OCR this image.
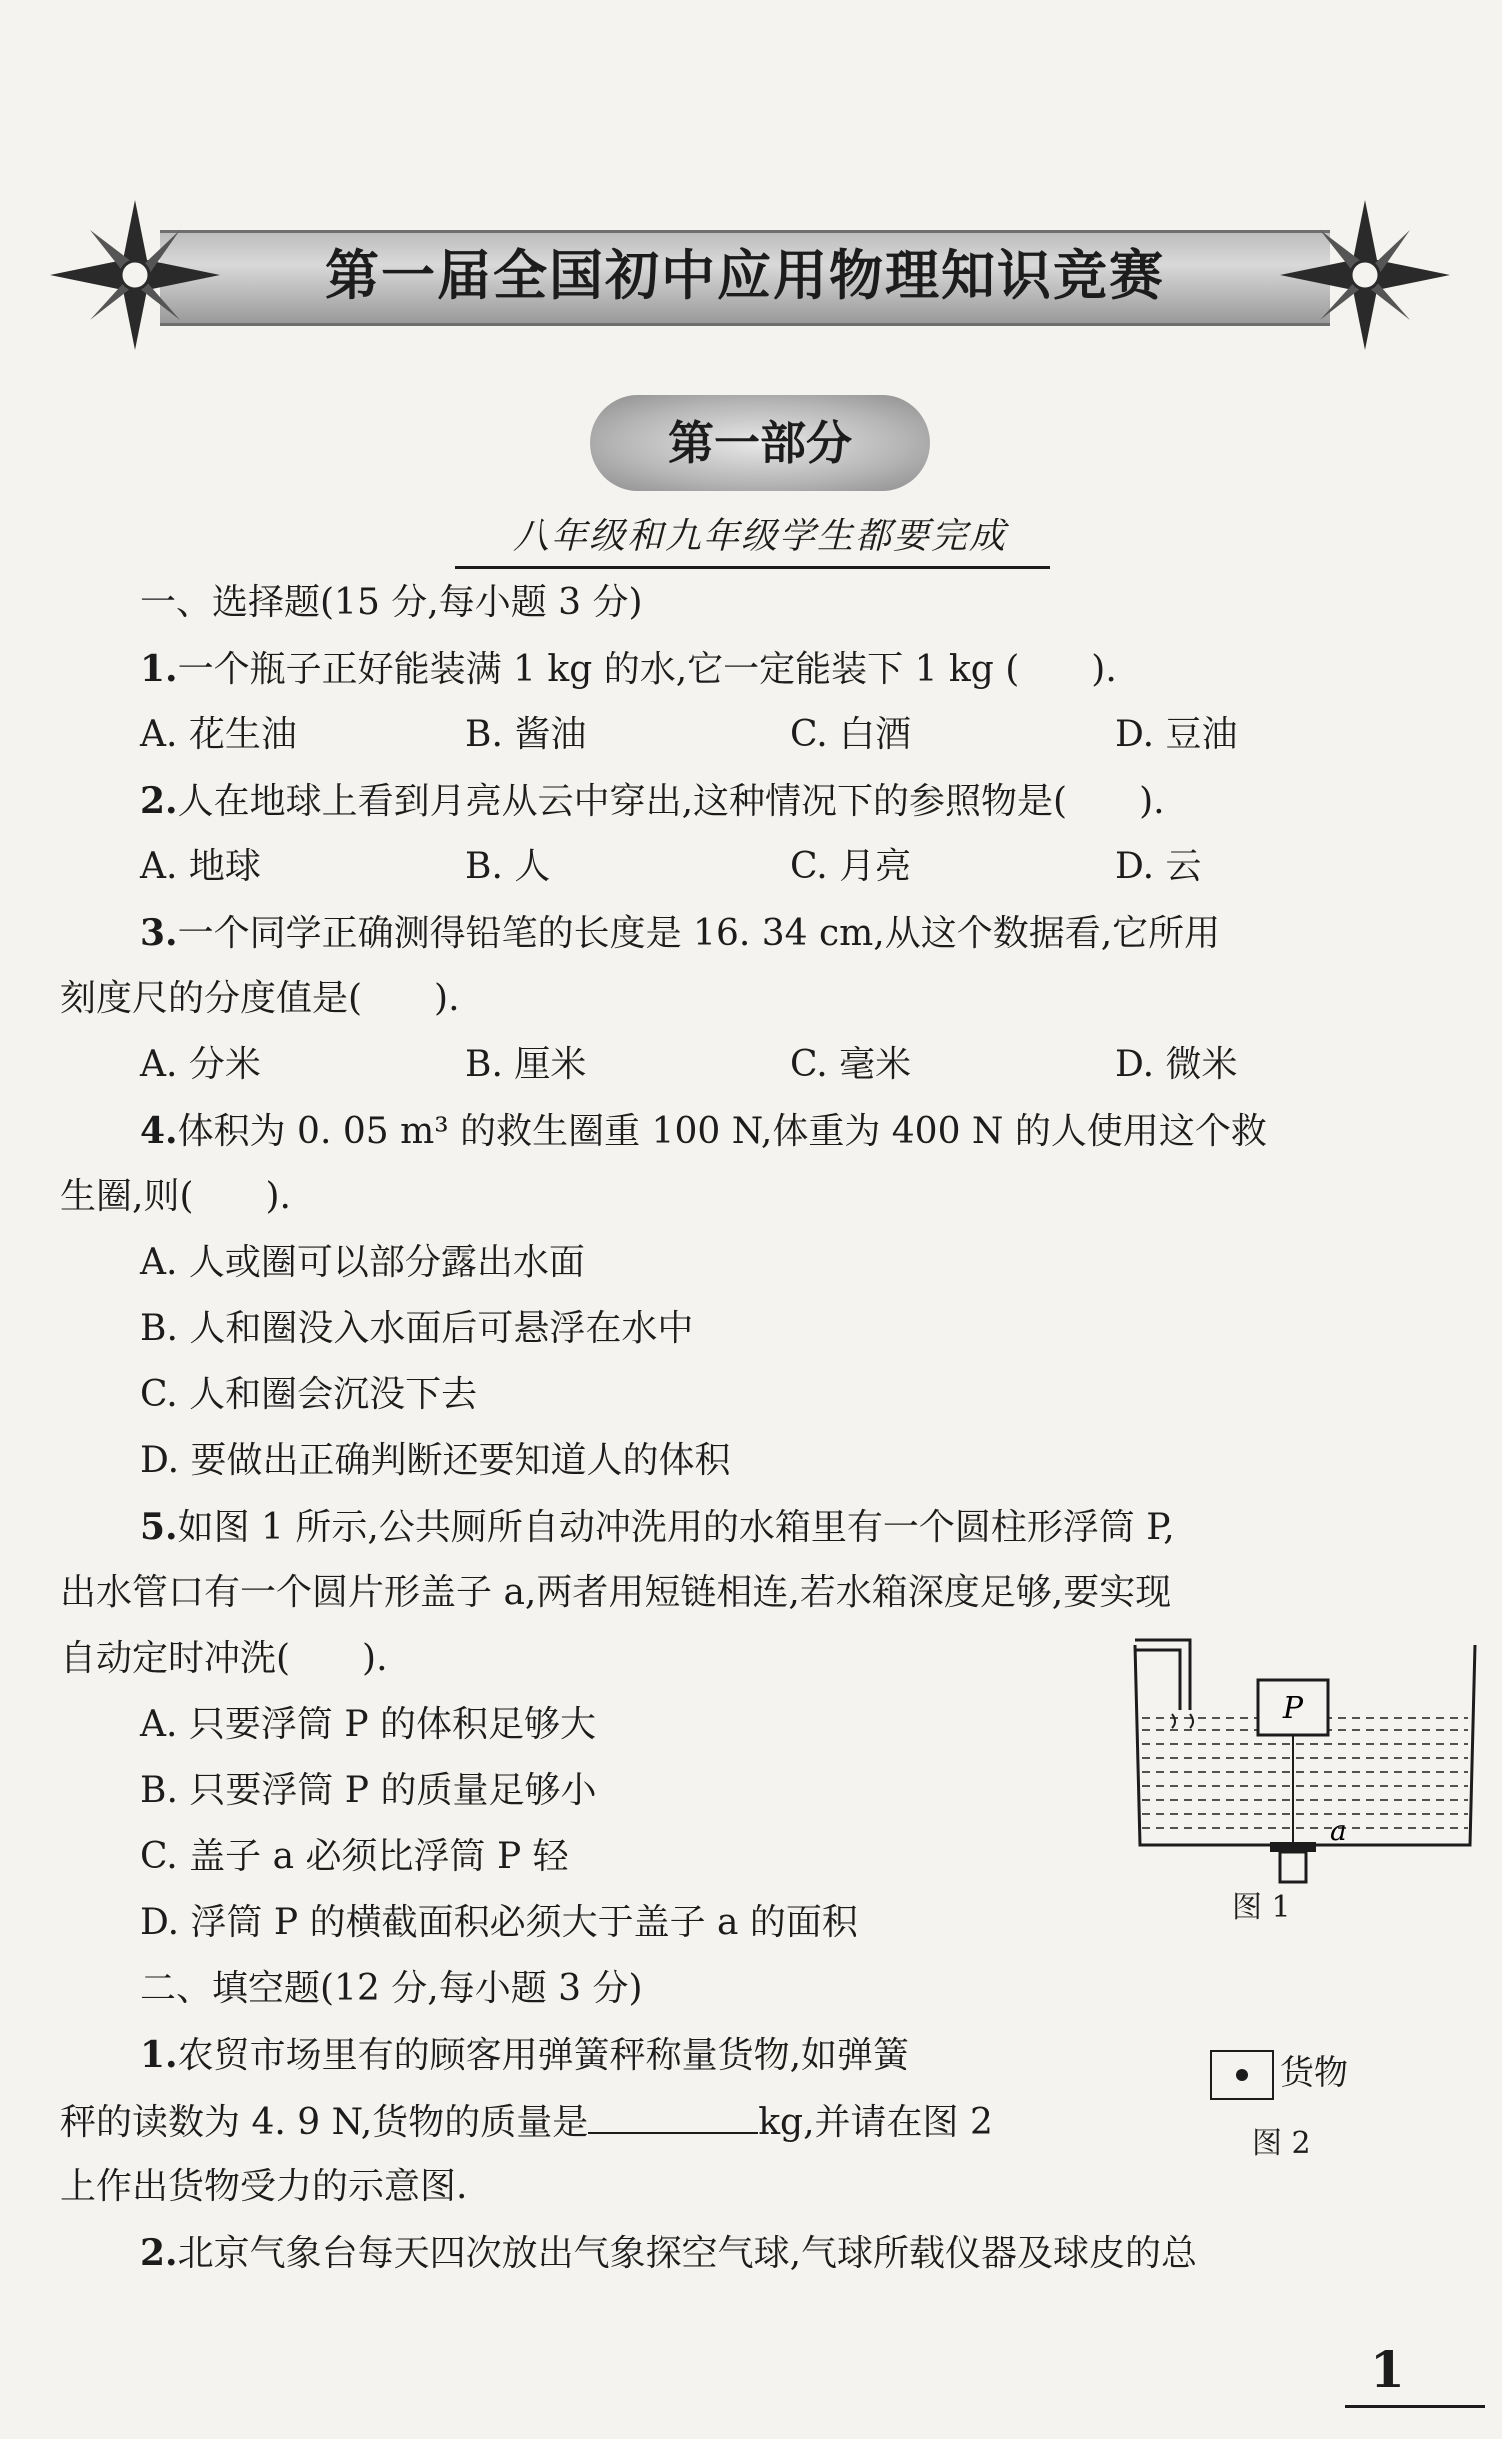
第一届全国初中应用物理知识竞赛
第一部分
八年级和九年级学生都要完成
一、选择题(15 分,每小题 3 分)
1.一个瓶子正好能装满 1 kg 的水,它一定能装下 1 kg (　　).
A. 花生油	B. 酱油	C. 白酒	D. 豆油
2.人在地球上看到月亮从云中穿出,这种情况下的参照物是(　　).
A. 地球	B. 人	C. 月亮	D. 云
3.一个同学正确测得铅笔的长度是 16. 34 cm,从这个数据看,它所用
刻度尺的分度值是(　　).
A. 分米	B. 厘米	C. 毫米	D. 微米
4.体积为 0. 05 m³ 的救生圈重 100 N,体重为 400 N 的人使用这个救
生圈,则(　　).
A. 人或圈可以部分露出水面
B. 人和圈没入水面后可悬浮在水中
C. 人和圈会沉没下去
D. 要做出正确判断还要知道人的体积
5.如图 1 所示,公共厕所自动冲洗用的水箱里有一个圆柱形浮筒 P,
出水管口有一个圆片形盖子 a,两者用短链相连,若水箱深度足够,要实现
自动定时冲洗(　　).
A. 只要浮筒 P 的体积足够大
B. 只要浮筒 P 的质量足够小
C. 盖子 a 必须比浮筒 P 轻
D. 浮筒 P 的横截面积必须大于盖子 a 的面积
P
a
图 1
二、填空题(12 分,每小题 3 分)
1.农贸市场里有的顾客用弹簧秤称量货物,如弹簧
秤的读数为 4. 9 N,货物的质量是	kg,并请在图 2
上作出货物受力的示意图.
货物
图 2
2.北京气象台每天四次放出气象探空气球,气球所载仪器及球皮的总
1
